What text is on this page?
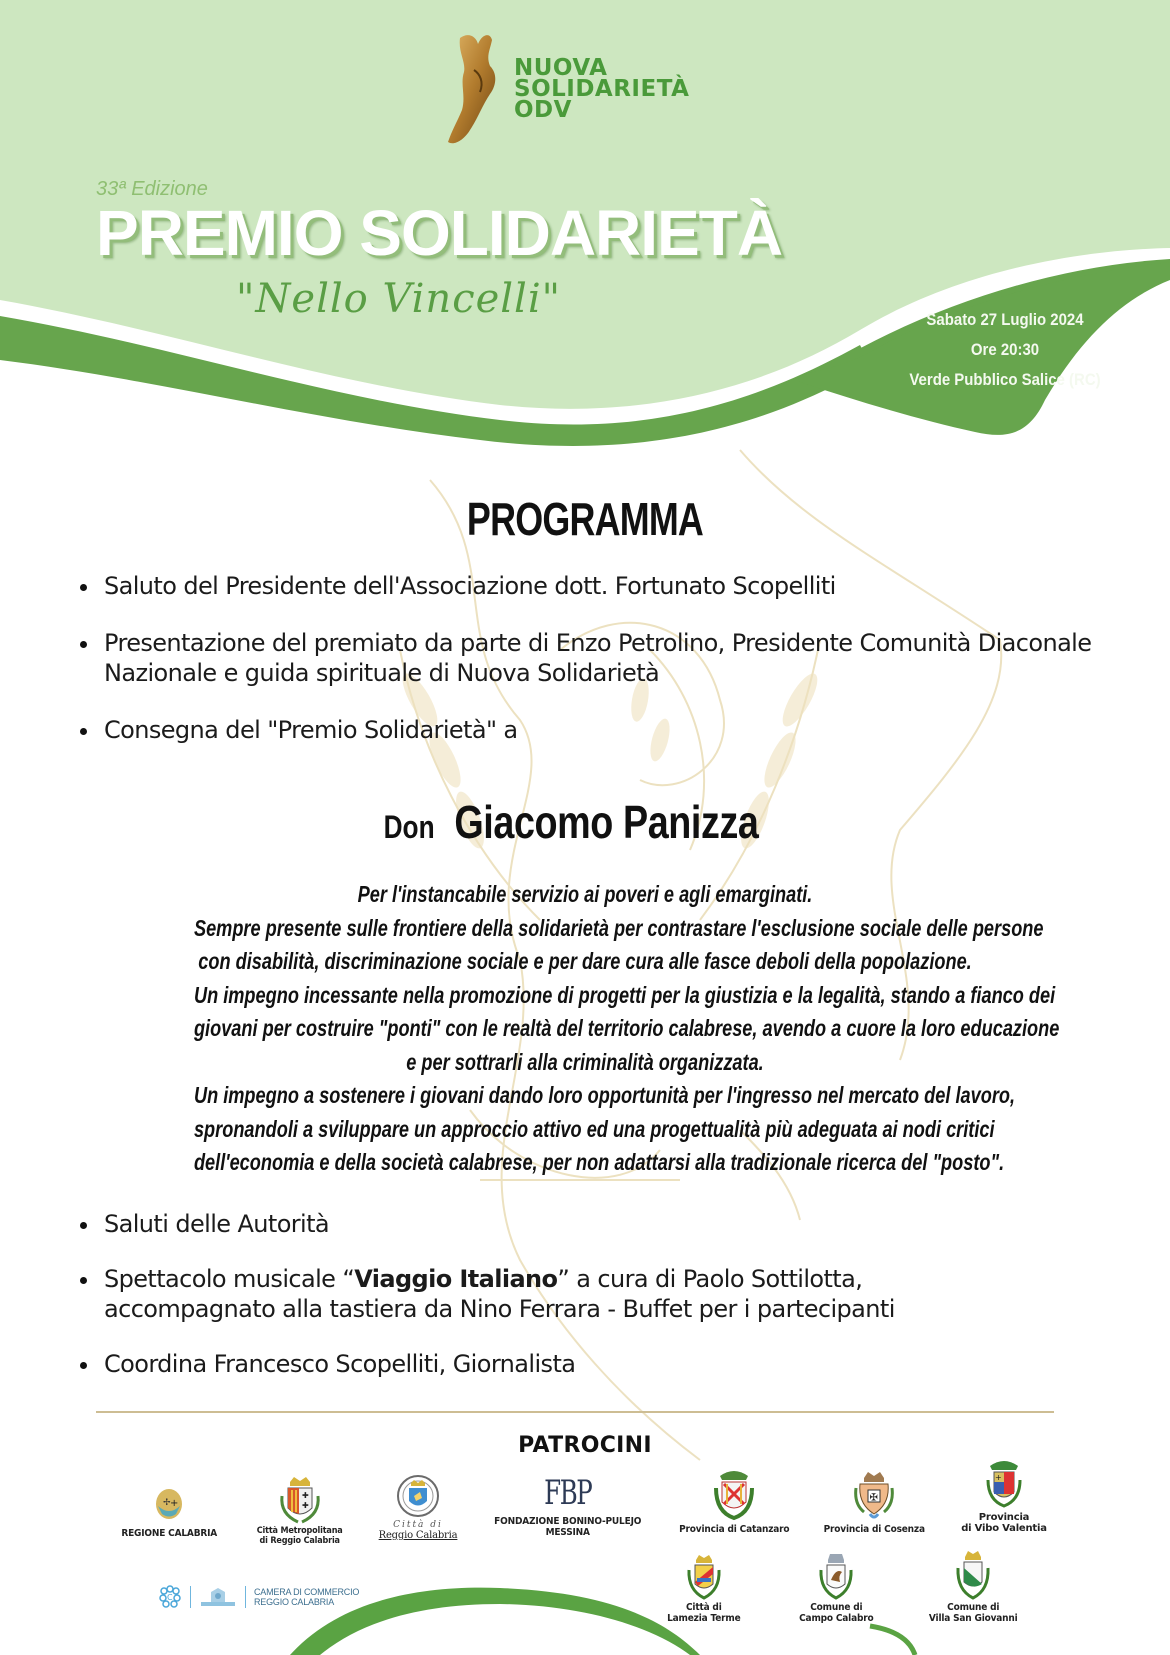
NUOVA
SOLIDARIETÀ
ODV
33ª Edizione
PREMIO SOLIDARIETÀ
"Nello Vincelli"	Sabato 27 Luglio 2024
Ore 20:30
Verde Pubblico Salice (RC)
PROGRAMMA
Saluto del Presidente dell'Associazione dott. Fortunato Scopelliti
Presentazione del premiato da parte di Enzo Petrolino, Presidente Comunità Diaconale Nazionale e guida spirituale di Nuova Solidarietà
Consegna del "Premio Solidarietà" a
Don Giacomo Panizza

Per l'instancabile servizio ai poveri e agli emarginati.

Sempre presente sulle frontiere della solidarietà per contrastare l'esclusione sociale delle persone

con disabilità, discriminazione sociale e per dare cura alle fasce deboli della popolazione.

Un impegno incessante nella promozione di progetti per la giustizia e la legalità, stando a fianco dei

giovani per costruire "ponti" con le realtà del territorio calabrese, avendo a cuore la loro educazione

e per sottrarli alla criminalità organizzata.

Un impegno a sostenere i giovani dando loro opportunità per l'ingresso nel mercato del lavoro,

spronandoli a sviluppare un approccio attivo ed una progettualità più adeguata ai nodi critici

dell'economia e della società calabrese, per non adattarsi alla tradizionale ricerca del "posto".

Saluti delle Autorità
Spettacolo musicale “Viaggio Italiano” a cura di Paolo Sottilotta,
accompagnato alla tastiera da Nino Ferrara - Buffet per i partecipanti
Coordina Francesco Scopelliti, Giornalista
PATROCINI
✢ +
REGIONE CALABRIA
✚
✚
Città Metropolitana
di Reggio Calabria
Città di
Reggio Calabria
FBP
FONDAZIONE BONINO-PULEJO
MESSINA	Provincia di Catanzaro
✠
Provincia di Cosenza
+
Provincia
di Vibo Valentia
C
CAMERA DI COMMERCIO
REGGIO CALABRIA	Città di
Lamezia Terme
Comune di
Campo Calabro
Comune di
Villa San Giovanni
